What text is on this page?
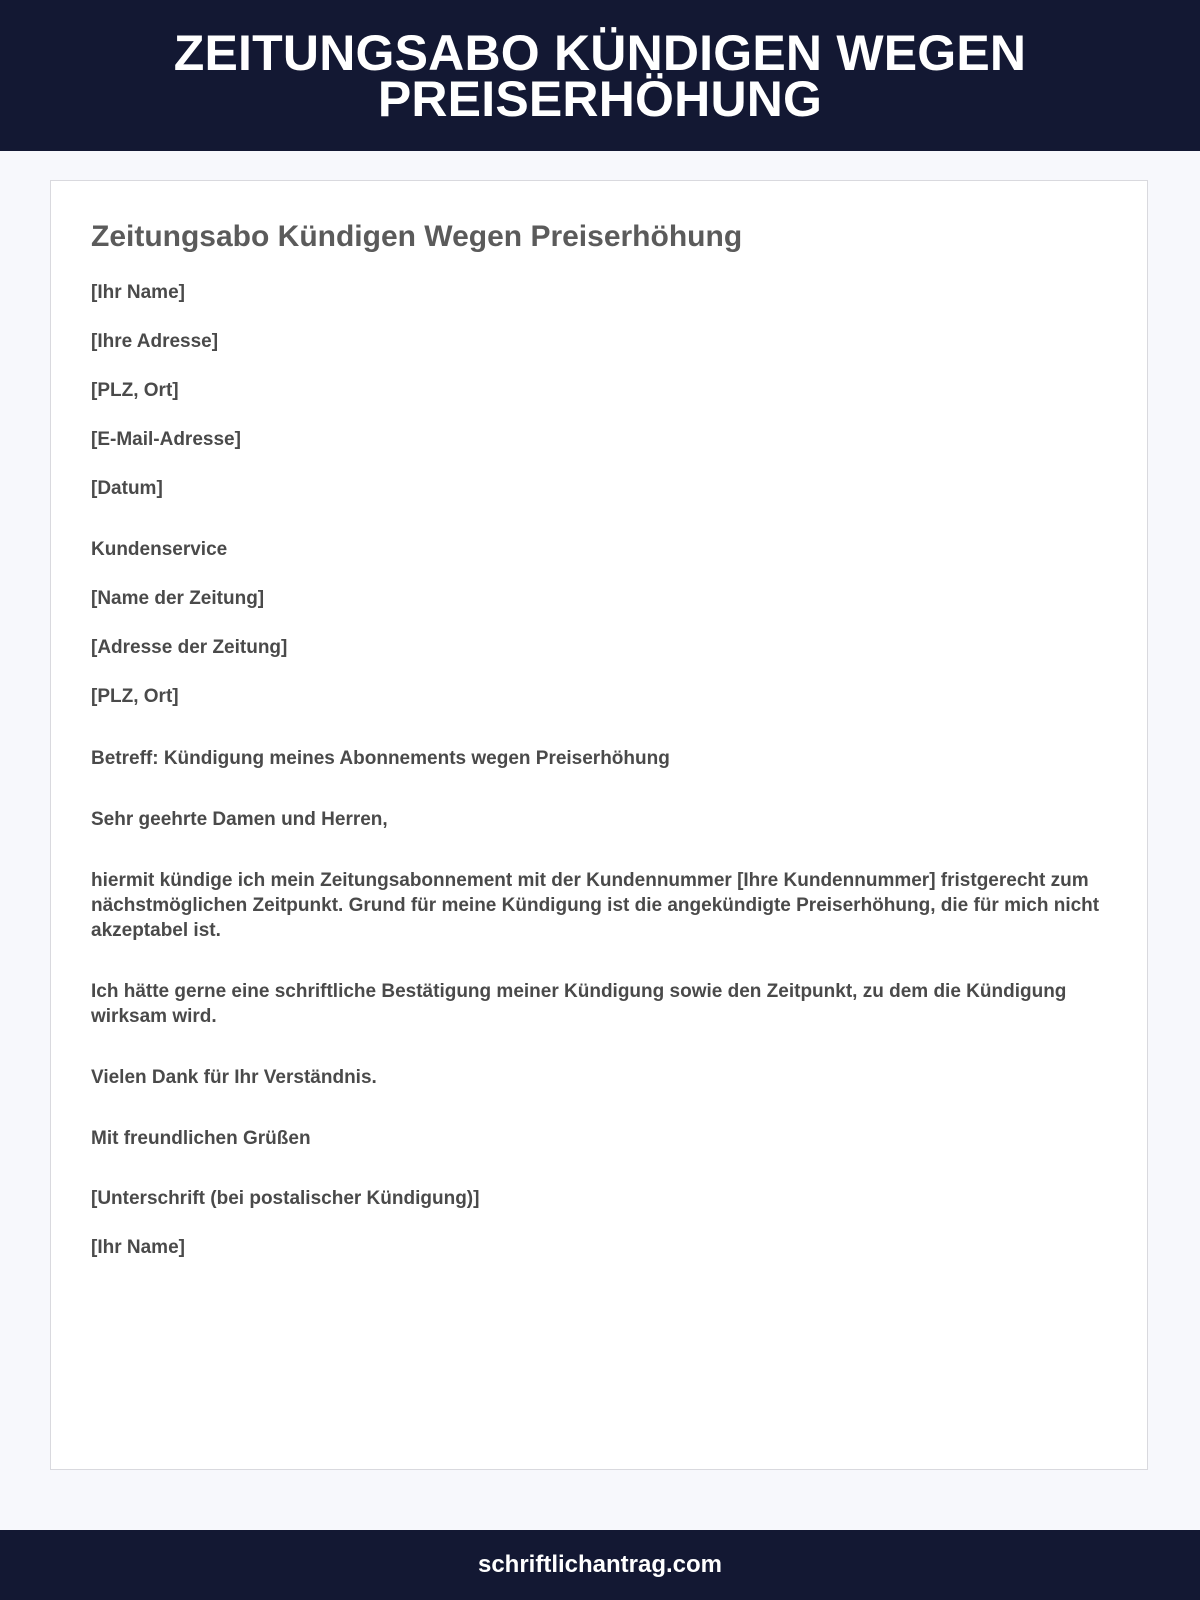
ZEITUNGSABO KÜNDIGEN WEGEN PREISERHÖHUNG
Zeitungsabo Kündigen Wegen Preiserhöhung

[Ihr Name]

[Ihre Adresse]

[PLZ, Ort]

[E-Mail-Adresse]

[Datum]

Kundenservice

[Name der Zeitung]

[Adresse der Zeitung]

[PLZ, Ort]

Betreff: Kündigung meines Abonnements wegen Preiserhöhung

Sehr geehrte Damen und Herren,

hiermit kündige ich mein Zeitungsabonnement mit der Kundennummer [Ihre Kundennummer] fristgerecht zum nächstmöglichen Zeitpunkt. Grund für meine Kündigung ist die angekündigte Preiserhöhung, die für mich nicht akzeptabel ist.

Ich hätte gerne eine schriftliche Bestätigung meiner Kündigung sowie den Zeitpunkt, zu dem die Kündigung wirksam wird.

Vielen Dank für Ihr Verständnis.

Mit freundlichen Grüßen

[Unterschrift (bei postalischer Kündigung)]

[Ihr Name]

schriftlichantrag.com
